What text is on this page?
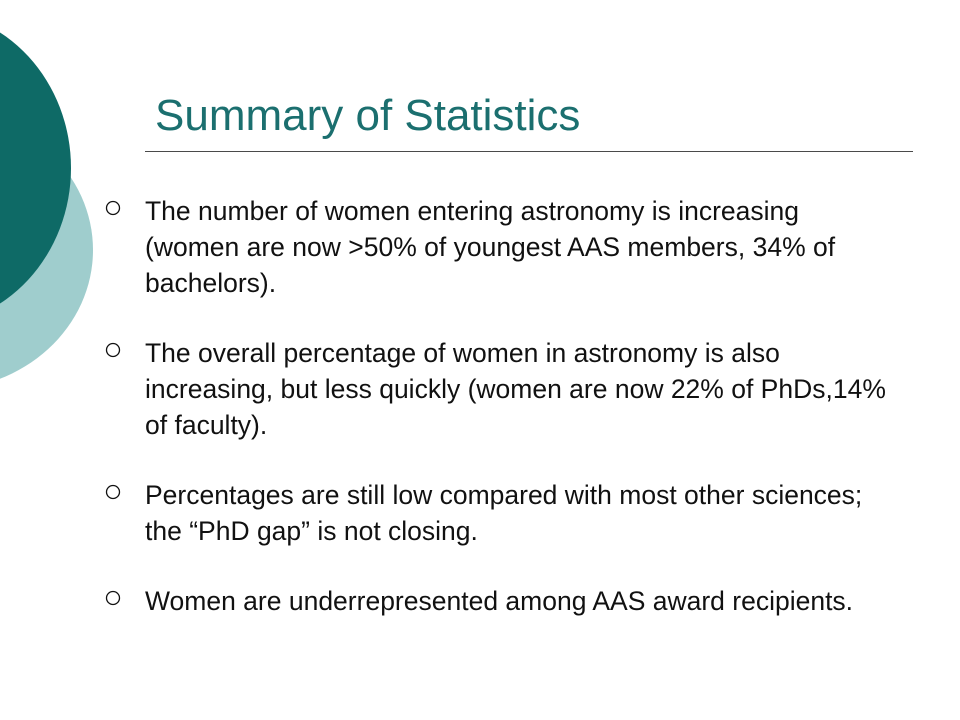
Summary of Statistics
The number of women entering astronomy is increasing (women are now >50% of youngest AAS members, 34% of bachelors).
The overall percentage of women in astronomy is also increasing, but less quickly (women are now 22% of PhDs,14% of faculty).
Percentages are still low compared with most other sciences; the “PhD gap” is not closing.
Women are underrepresented among AAS award recipients.
